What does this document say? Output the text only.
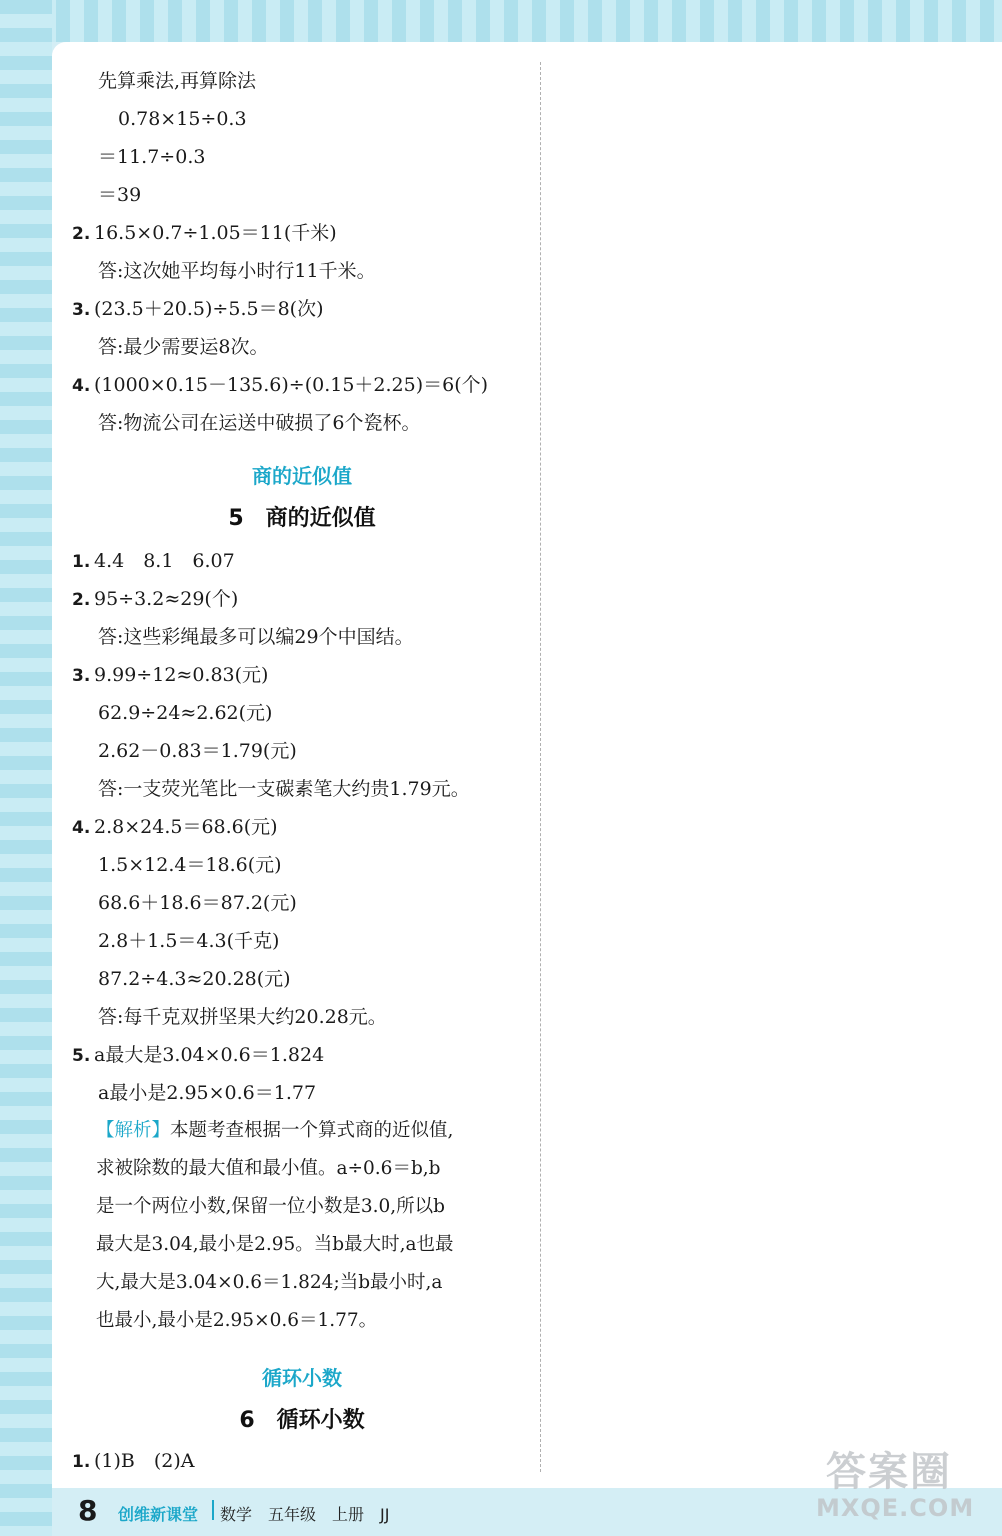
先算乘法,再算除法
0.78×15÷0.3
＝11.7÷0.3
＝39
2. 16.5×0.7÷1.05＝11(千米)
答:这次她平均每小时行11千米。
3. (23.5＋20.5)÷5.5＝8(次)
答:最少需要运8次。
4. (1000×0.15－135.6)÷(0.15＋2.25)＝6(个)
答:物流公司在运送中破损了6个瓷杯。
商的近似值
5　商的近似值
1. 4.4　8.1　6.07
2. 95÷3.2≈29(个)
答:这些彩绳最多可以编29个中国结。
3. 9.99÷12≈0.83(元)
62.9÷24≈2.62(元)
2.62－0.83＝1.79(元)
答:一支荧光笔比一支碳素笔大约贵1.79元。
4. 2.8×24.5＝68.6(元)
1.5×12.4＝18.6(元)
68.6＋18.6＝87.2(元)
2.8＋1.5＝4.3(千克)
87.2÷4.3≈20.28(元)
答:每千克双拼坚果大约20.28元。
5. a最大是3.04×0.6＝1.824
a最小是2.95×0.6＝1.77
【解析】本题考查根据一个算式商的近似值,
求被除数的最大值和最小值。a÷0.6＝b,b
是一个两位小数,保留一位小数是3.0,所以b
最大是3.04,最小是2.95。当b最大时,a也最
大,最大是3.04×0.6＝1.824;当b最小时,a
也最小,最小是2.95×0.6＝1.77。
循环小数
6　循环小数
1. (1)B　(2)A
8 创维新课堂 数学　五年级　上册　JJ
答案圈
MXQE.COM
